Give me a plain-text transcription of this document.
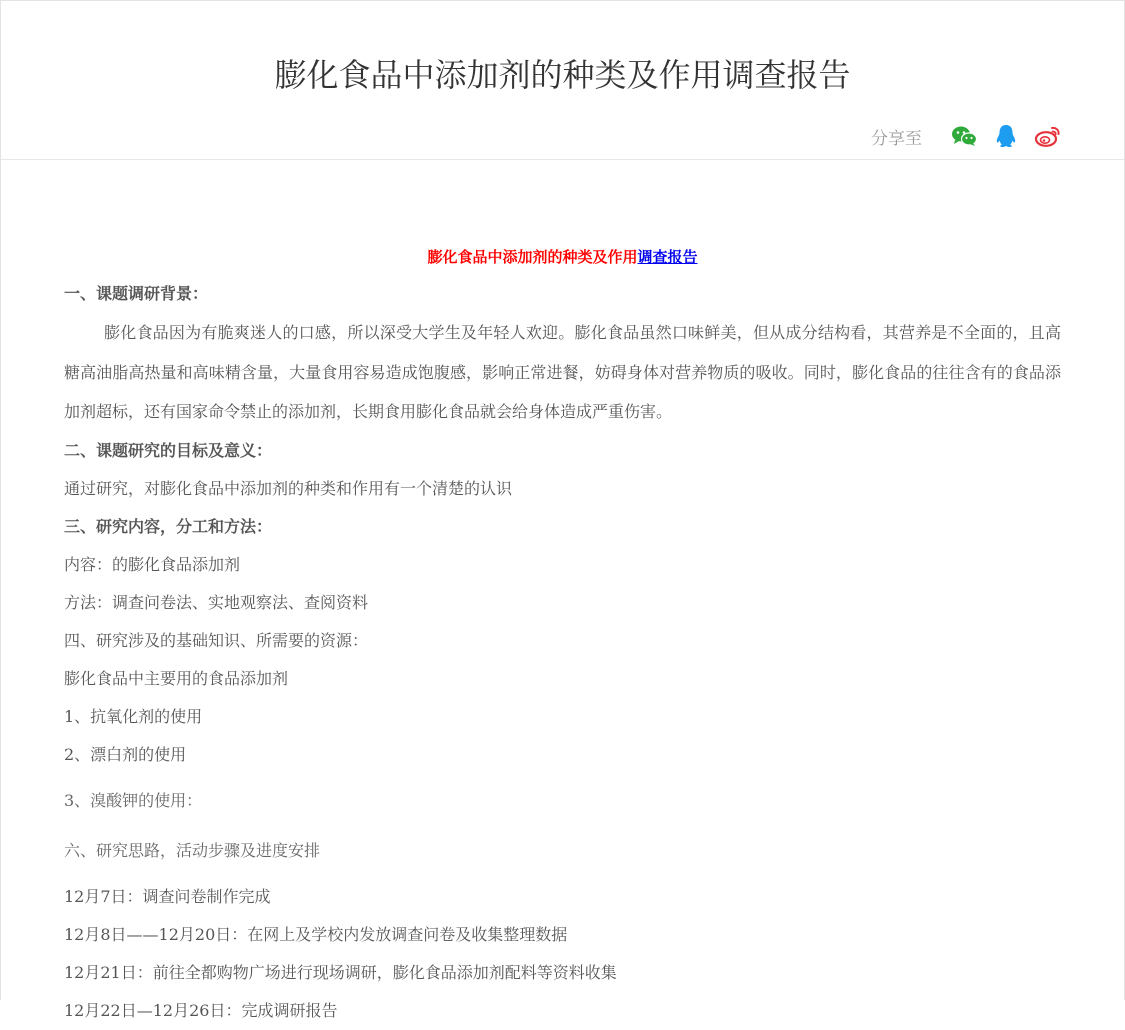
膨化食品中添加剂的种类及作用调查报告
分享至
膨化食品中添加剂的种类及作用调查报告

一、课题调研背景：

膨化食品因为有脆爽迷人的口感，所以深受大学生及年轻人欢迎。膨化食品虽然口味鲜美，但从成分结构看，其营养是不全面的，且高糖高油脂高热量和高味精含量，大量食用容易造成饱腹感，影响正常进餐，妨碍身体对营养物质的吸收。同时，膨化食品的往往含有的食品添加剂超标，还有国家命令禁止的添加剂，长期食用膨化食品就会给身体造成严重伤害。

二、课题研究的目标及意义：

通过研究，对膨化食品中添加剂的种类和作用有一个清楚的认识

三、研究内容，分工和方法：

内容：的膨化食品添加剂

方法：调查问卷法、实地观察法、查阅资料

四、研究涉及的基础知识、所需要的资源：

膨化食品中主要用的食品添加剂

1、抗氧化剂的使用

2、漂白剂的使用

3、溴酸钾的使用：

六、研究思路，活动步骤及进度安排

12月7日：调查问卷制作完成

12月8日——12月20日：在网上及学校内发放调查问卷及收集整理数据

12月21日：前往全都购物广场进行现场调研，膨化食品添加剂配料等资料收集

12月22日—12月26日：完成调研报告
